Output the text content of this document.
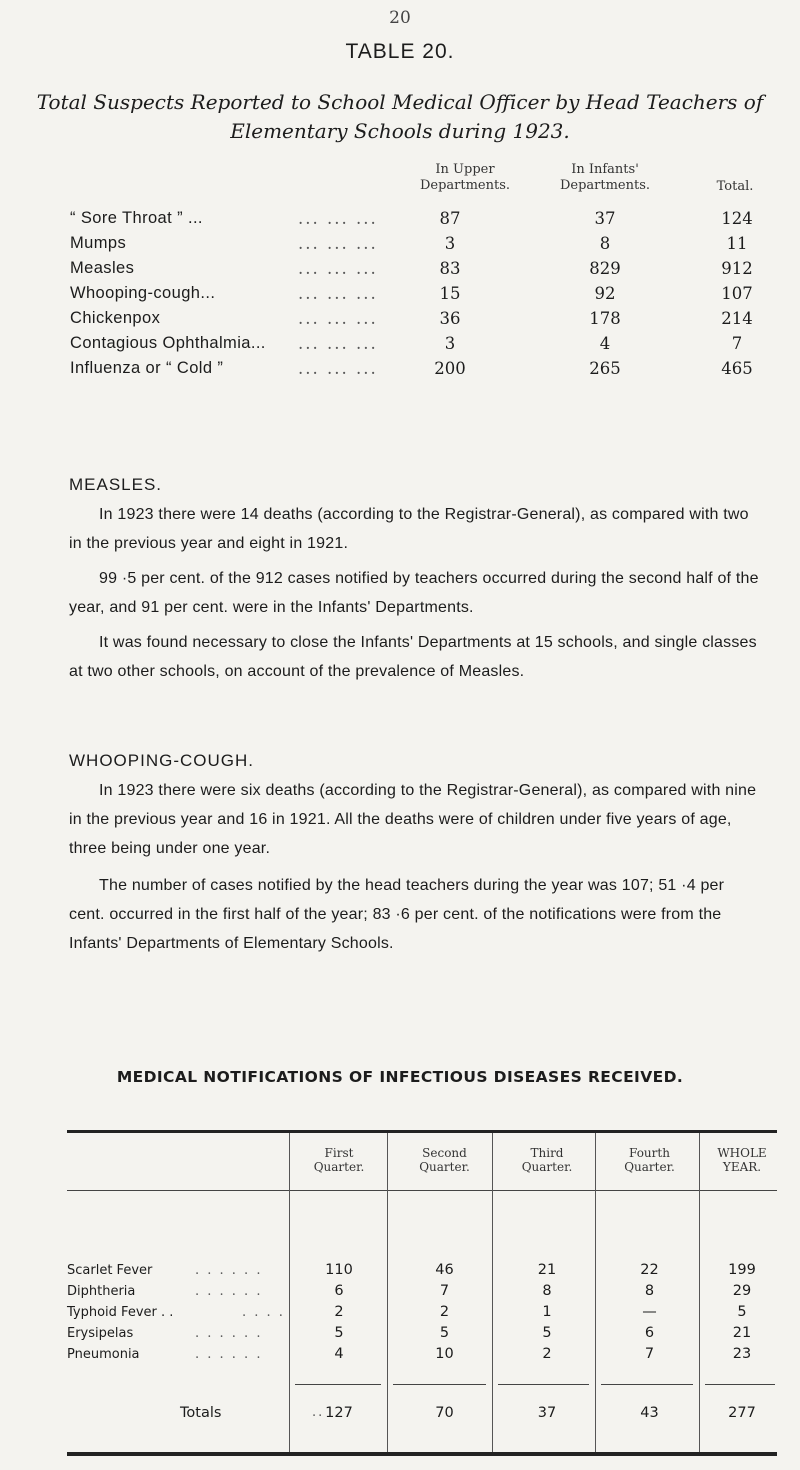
20
TABLE 20.
Total Suspects Reported to School Medical Officer by Head Teachers of
Elementary Schools during 1923.
In Upper
Departments.
In Infants'
Departments.	Total.
“ Sore Throat ” ...	... ... ...	87	37	124
Mumps	... ... ...	3	8	11
Measles	... ... ...	83	829	912
Whooping-cough...	... ... ...	15	92	107
Chickenpox	... ... ...	36	178	214
Contagious Ophthalmia... ... ... ...	3	4	7
Influenza or “ Cold ”	... ... ...	200	265	465
MEASLES.
In 1923 there were 14 deaths (according to the Registrar-General), as compared with two in the previous year and eight in 1921.
99 ·5 per cent. of the 912 cases notified by teachers occurred during the second half of the year, and 91 per cent. were in the Infants' Departments.
It was found necessary to close the Infants' Departments at 15 schools, and single classes at two other schools, on account of the prevalence of Measles.
WHOOPING-COUGH.
In 1923 there were six deaths (according to the Registrar-General), as compared with nine in the previous year and 16 in 1921. All the deaths were of children under five years of age, three being under one year.
The number of cases notified by the head teachers during the year was 107; 51 ·4 per cent. occurred in the first half of the year; 83 ·6 per cent. of the notifications were from the Infants' Departments of Elementary Schools.
MEDICAL NOTIFICATIONS OF INFECTIOUS DISEASES RECEIVED.
First
Quarter.
Second
Quarter.
Third
Quarter.
Fourth
Quarter.
WHOLE
YEAR.
Scarlet Fever	. . . . . .	110	46	21	22	199
Diphtheria	. . . . . .	6	7	8	8	29
Typhoid Fever . .	. . . .	2	2	1	—	5
Erysipelas	. . . . . .	5	5	5	6	21
Pneumonia	. . . . . .	4	10	2	7	23
Totals	.. 127	70	37	43	277
